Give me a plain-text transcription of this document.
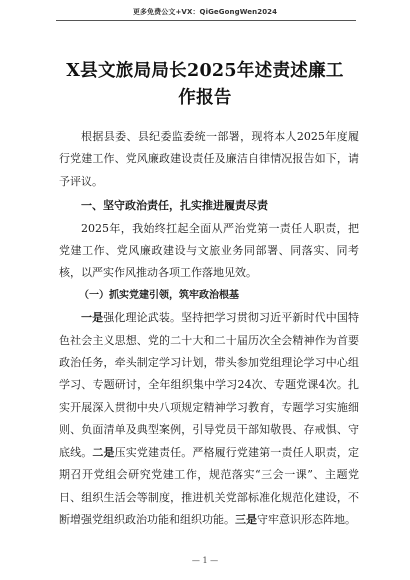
更多免费公文+VX：QiGeGongWen2024
X县文旅局局长2025年述责述廉工作报告

根据县委、县纪委监委统一部署，现将本人2025年度履行党建工作、党风廉政建设责任及廉洁自律情况报告如下，请予评议。

一、坚守政治责任，扎实推进履责尽责

2025年，我始终扛起全面从严治党第一责任人职责，把党建工作、党风廉政建设与文旅业务同部署、同落实、同考核，以严实作风推动各项工作落地见效。

（一）抓实党建引领，筑牢政治根基

一是强化理论武装。坚持把学习贯彻习近平新时代中国特色社会主义思想、党的二十大和二十届历次全会精神作为首要政治任务，牵头制定学习计划，带头参加党组理论学习中心组学习、专题研讨，全年组织集中学习24次、专题党课4次。扎实开展深入贯彻中央八项规定精神学习教育，专题学习实施细则、负面清单及典型案例，引导党员干部知敬畏、存戒惧、守底线。二是压实党建责任。严格履行党建第一责任人职责，定期召开党组会研究党建工作，规范落实“三会一课”、主题党日、组织生活会等制度，推进机关党部标准化规范化建设，不断增强党组织政治功能和组织功能。三是守牢意识形态阵地。

— 1 —
